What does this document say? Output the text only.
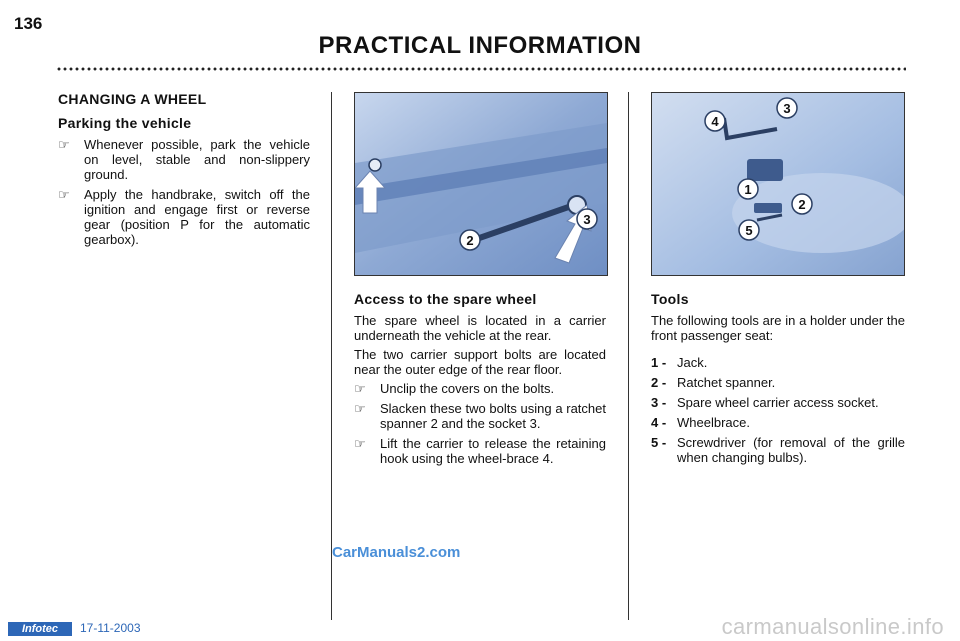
136
PRACTICAL INFORMATION
CHANGING A WHEEL
Parking the vehicle
☞	Whenever possible, park the vehicle on level, stable and non-slippery ground.
☞	Apply the handbrake, switch off the ignition and engage first or reverse gear (position P for the automatic gearbox).	2
3
4
3
1
2
5
Access to the spare wheel
The spare wheel is located in a carrier underneath the vehicle at the rear.
The two carrier support bolts are located near the outer edge of the rear floor.
☞	Unclip the covers on the bolts.
☞	Slacken these two bolts using a ratchet spanner 2 and the socket 3.
☞	Lift the carrier to release the retaining hook using the wheel-brace 4.
Tools
The following tools are in a holder under the front passenger seat:
1 - Jack.
2 - Ratchet spanner.
3 - Spare wheel carrier access socket.
4 - Wheelbrace.
5 - Screwdriver (for removal of the grille when changing bulbs).
CarManuals2.com
Infotec	17-11-2003	carmanualsonline.info
